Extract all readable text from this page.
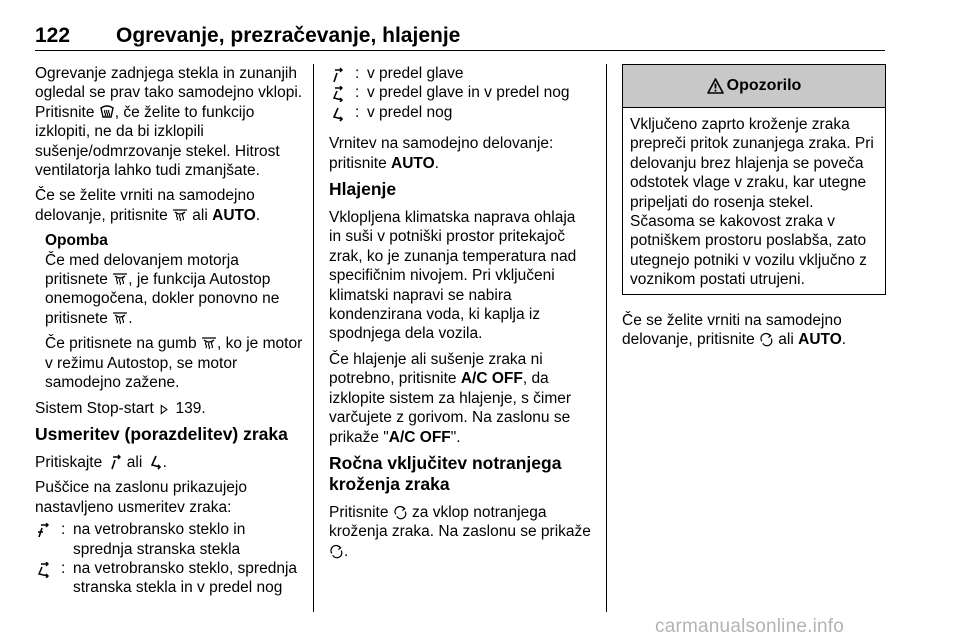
122 Ogrevanje, prezračevanje, hlajenje

Ogrevanje zadnjega stekla in zunanjih ogledal se prav tako samodejno vklopi. Pritisnite , če želite to funkcijo izklopiti, ne da bi izklopili sušenje/odmrzovanje stekel. Hitrost ventilatorja lahko tudi zmanjšate.

Če se želite vrniti na samodejno delovanje, pritisnite  ali AUTO.

Opomba

Če med delovanjem motorja pritisnete , je funkcija Autostop onemogočena, dokler ponovno ne pritisnete .

Če pritisnete na gumb , ko je motor v režimu Autostop, se motor samodejno zažene.

Sistem Stop-start  139.

Usmeritev (porazdelitev) zraka

Pritiskajte  ali .

Puščice na zaslonu prikazujejo nastavljeno usmeritev zraka:

: na vetrobransko steklo in sprednja stranska stekla
: na vetrobransko steklo, sprednja stranska stekla in v predel nog
: v predel glave
: v predel glave in v predel nog
: v predel nog

Vrnitev na samodejno delovanje: pritisnite AUTO.

Hlajenje

Vklopljena klimatska naprava ohlaja in suši v potniški prostor pritekajoč zrak, ko je zunanja temperatura nad specifičnim nivojem. Pri vključeni klimatski napravi se nabira kondenzirana voda, ki kaplja iz spodnjega dela vozila.

Če hlajenje ali sušenje zraka ni potrebno, pritisnite A/C OFF, da izklopite sistem za hlajenje, s čimer varčujete z gorivom. Na zaslonu se prikaže "A/C OFF".

Ročna vključitev notranjega kroženja zraka

Pritisnite  za vklop notranjega kroženja zraka. Na zaslonu se prikaže .

Opozorilo
Vključeno zaprto kroženje zraka prepreči pritok zunanjega zraka. Pri delovanju brez hlajenja se poveča odstotek vlage v zraku, kar utegne pripeljati do rosenja stekel. Sčasoma se kakovost zraka v potniškem prostoru poslabša, zato utegnejo potniki v vozilu vključno z voznikom postati utrujeni.

Če se želite vrniti na samodejno delovanje, pritisnite  ali AUTO.

carmanualsonline.info
